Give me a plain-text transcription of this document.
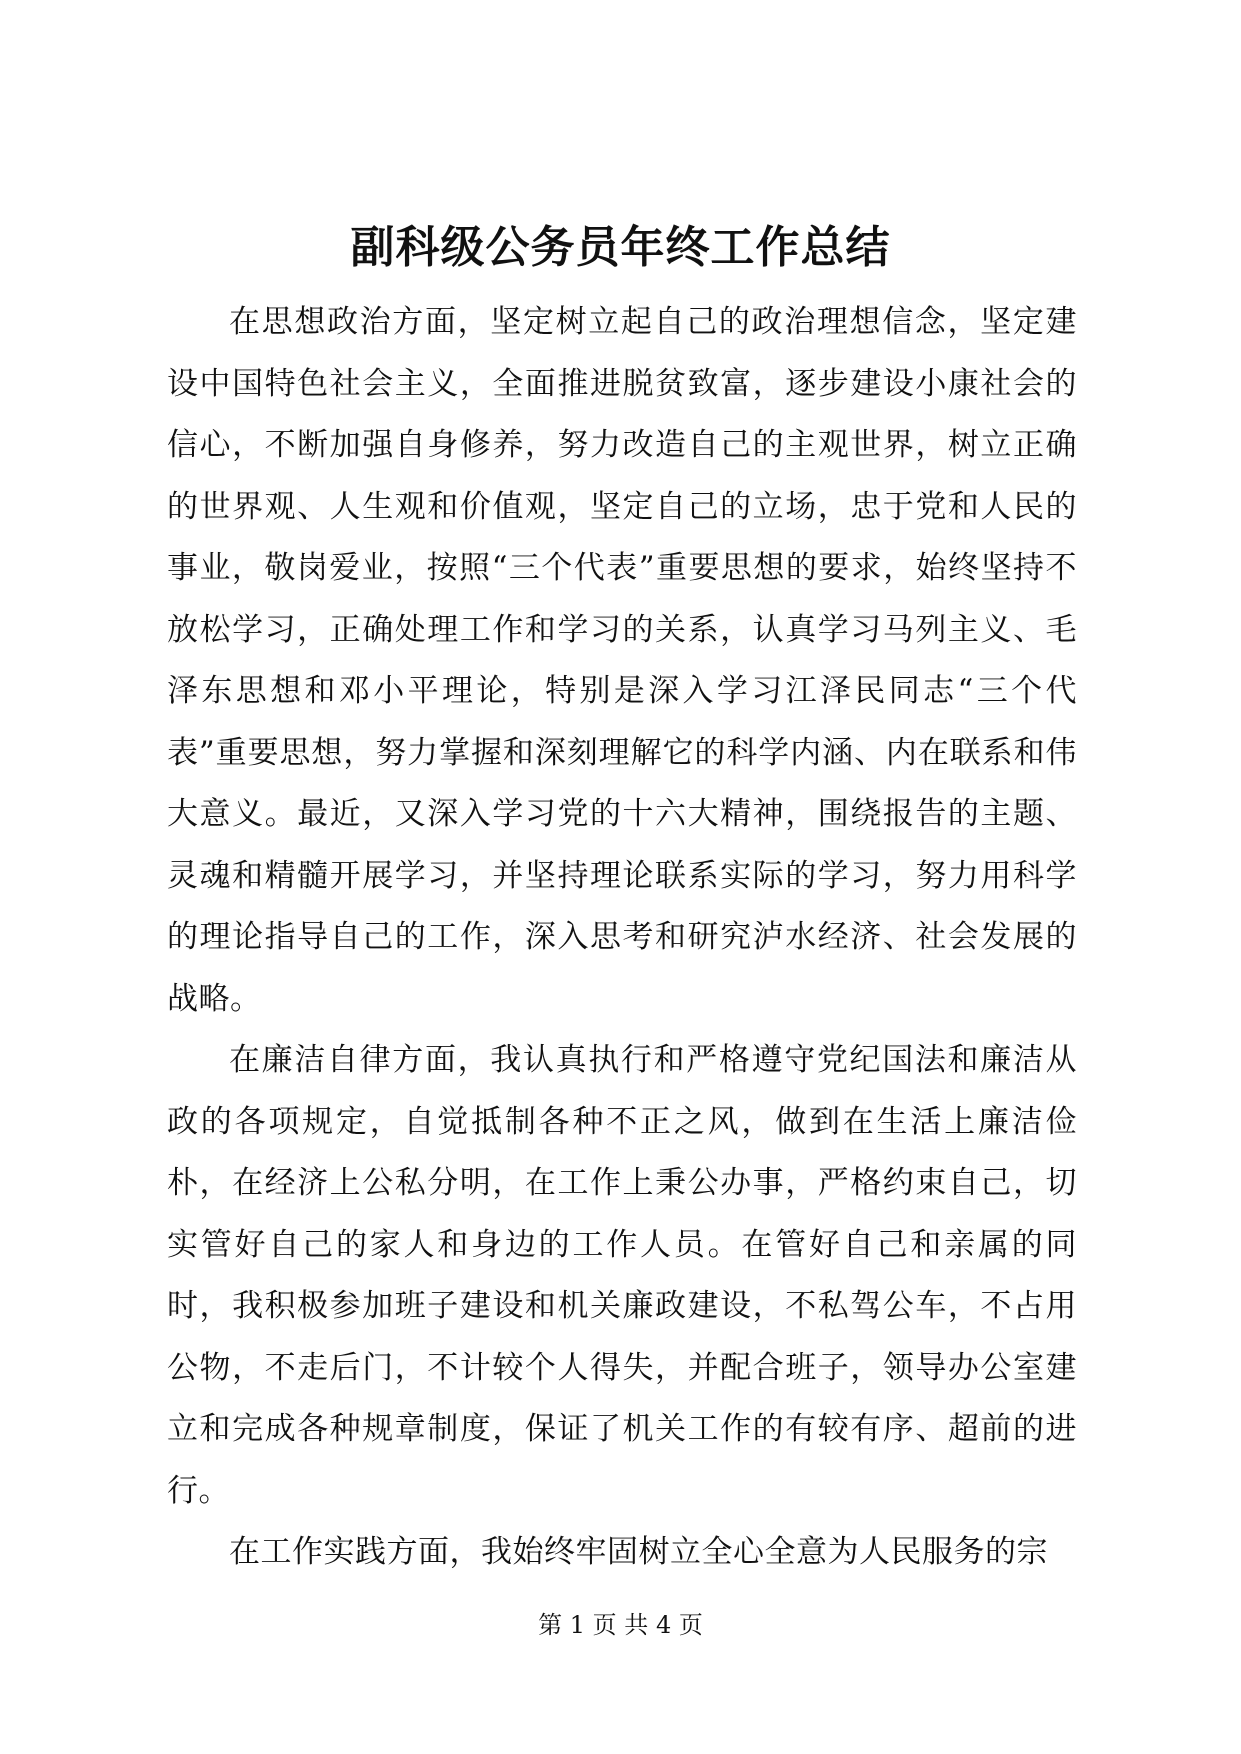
副科级公务员年终工作总结

在思想政治方面，坚定树立起自己的政治理想信念，坚定建设中国特色社会主义，全面推进脱贫致富，逐步建设小康社会的信心，不断加强自身修养，努力改造自己的主观世界，树立正确的世界观、人生观和价值观，坚定自己的立场，忠于党和人民的事业，敬岗爱业，按照“三个代表”重要思想的要求，始终坚持不放松学习，正确处理工作和学习的关系，认真学习马列主义、毛泽东思想和邓小平理论，特别是深入学习江泽民同志“三个代表”重要思想，努力掌握和深刻理解它的科学内涵、内在联系和伟大意义。最近，又深入学习党的十六大精神，围绕报告的主题、灵魂和精髓开展学习，并坚持理论联系实际的学习，努力用科学的理论指导自己的工作，深入思考和研究泸水经济、社会发展的战略。

在廉洁自律方面，我认真执行和严格遵守党纪国法和廉洁从政的各项规定，自觉抵制各种不正之风，做到在生活上廉洁俭朴，在经济上公私分明，在工作上秉公办事，严格约束自己，切实管好自己的家人和身边的工作人员。在管好自己和亲属的同时，我积极参加班子建设和机关廉政建设，不私驾公车，不占用公物，不走后门，不计较个人得失，并配合班子，领导办公室建立和完成各种规章制度，保证了机关工作的有较有序、超前的进行。

在工作实践方面，我始终牢固树立全心全意为人民服务的宗

第 1 页 共 4 页
